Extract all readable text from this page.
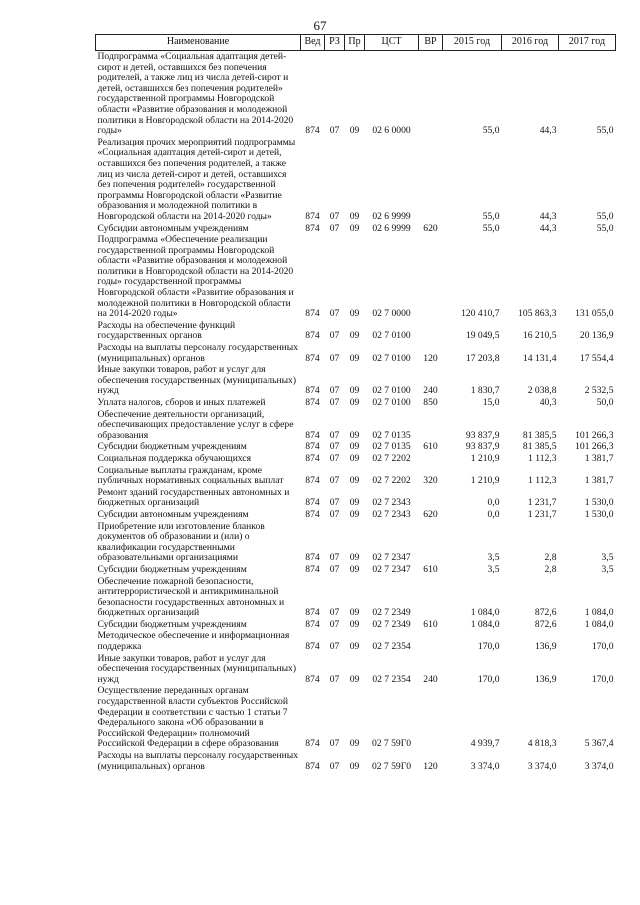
67
Наименование	Вед	РЗ	Пр	ЦСТ	ВР	2015 год	2016 год	2017 год
Подпрограмма «Социальная адаптация детей-сирот и детей, оставшихся без попечения родителей, а также лиц из числа детей-сирот и детей, оставшихся без попечения родителей» государственной программы Новгородской области «Развитие образования и молодежной политики в Новгородской области на 2014-2020 годы»	874	07	09	02 6 0000		55,0	44,3	55,0
Реализация прочих мероприятий подпрограммы «Социальная адаптация детей-сирот и детей, оставшихся без попечения родителей, а также лиц из числа детей-сирот и детей, оставшихся без попечения родителей» государственной программы Новгородской области «Развитие образования и молодежной политики в Новгородской области на 2014-2020 годы»	874	07	09	02 6 9999		55,0	44,3	55,0
Субсидии автономным учреждениям	874	07	09	02 6 9999	620	55,0	44,3	55,0
Подпрограмма «Обеспечение реализации государственной программы Новгородской области «Развитие образования и молодежной политики в Новгородской области на 2014-2020 годы» государственной программы Новгородской области «Развитие образования и молодежной политики в Новгородской области на 2014-2020 годы»	874	07	09	02 7 0000		120 410,7	105 863,3	131 055,0
Расходы на обеспечение функций государственных органов	874	07	09	02 7 0100		19 049,5	16 210,5	20 136,9
Расходы на выплаты персоналу государственных (муниципальных) органов	874	07	09	02 7 0100	120	17 203,8	14 131,4	17 554,4
Иные закупки товаров, работ и услуг для обеспечения государственных (муниципальных) нужд	874	07	09	02 7 0100	240	1 830,7	2 038,8	2 532,5
Уплата налогов, сборов и иных платежей	874	07	09	02 7 0100	850	15,0	40,3	50,0
Обеспечение деятельности организаций, обеспечивающих предоставление услуг в сфере образования	874	07	09	02 7 0135		93 837,9	81 385,5	101 266,3
Субсидии бюджетным учреждениям	874	07	09	02 7 0135	610	93 837,9	81 385,5	101 266,3
Социальная поддержка обучающихся	874	07	09	02 7 2202		1 210,9	1 112,3	1 381,7
Социальные выплаты гражданам, кроме публичных нормативных социальных выплат	874	07	09	02 7 2202	320	1 210,9	1 112,3	1 381,7
Ремонт зданий государственных автономных и бюджетных организаций	874	07	09	02 7 2343		0,0	1 231,7	1 530,0
Субсидии автономным учреждениям	874	07	09	02 7 2343	620	0,0	1 231,7	1 530,0
Приобретение или изготовление бланков документов об образовании и (или) о квалификации государственными образовательными организациями	874	07	09	02 7 2347		3,5	2,8	3,5
Субсидии бюджетным учреждениям	874	07	09	02 7 2347	610	3,5	2,8	3,5
Обеспечение пожарной безопасности, антитеррористической и антикриминальной безопасности государственных автономных и бюджетных организаций	874	07	09	02 7 2349		1 084,0	872,6	1 084,0
Субсидии бюджетным учреждениям	874	07	09	02 7 2349	610	1 084,0	872,6	1 084,0
Методическое обеспечение и информационная поддержка	874	07	09	02 7 2354		170,0	136,9	170,0
Иные закупки товаров, работ и услуг для обеспечения государственных (муниципальных) нужд	874	07	09	02 7 2354	240	170,0	136,9	170,0
Осуществление переданных органам государственной власти субъектов Российской Федерации в соответствии с частью 1 статьи 7 Федерального закона «Об образовании в Российской Федерации» полномочий Российской Федерации в сфере образования	874	07	09	02 7 59Г0		4 939,7	4 818,3	5 367,4
Расходы на выплаты персоналу государственных (муниципальных) органов	874	07	09	02 7 59Г0	120	3 374,0	3 374,0	3 374,0
